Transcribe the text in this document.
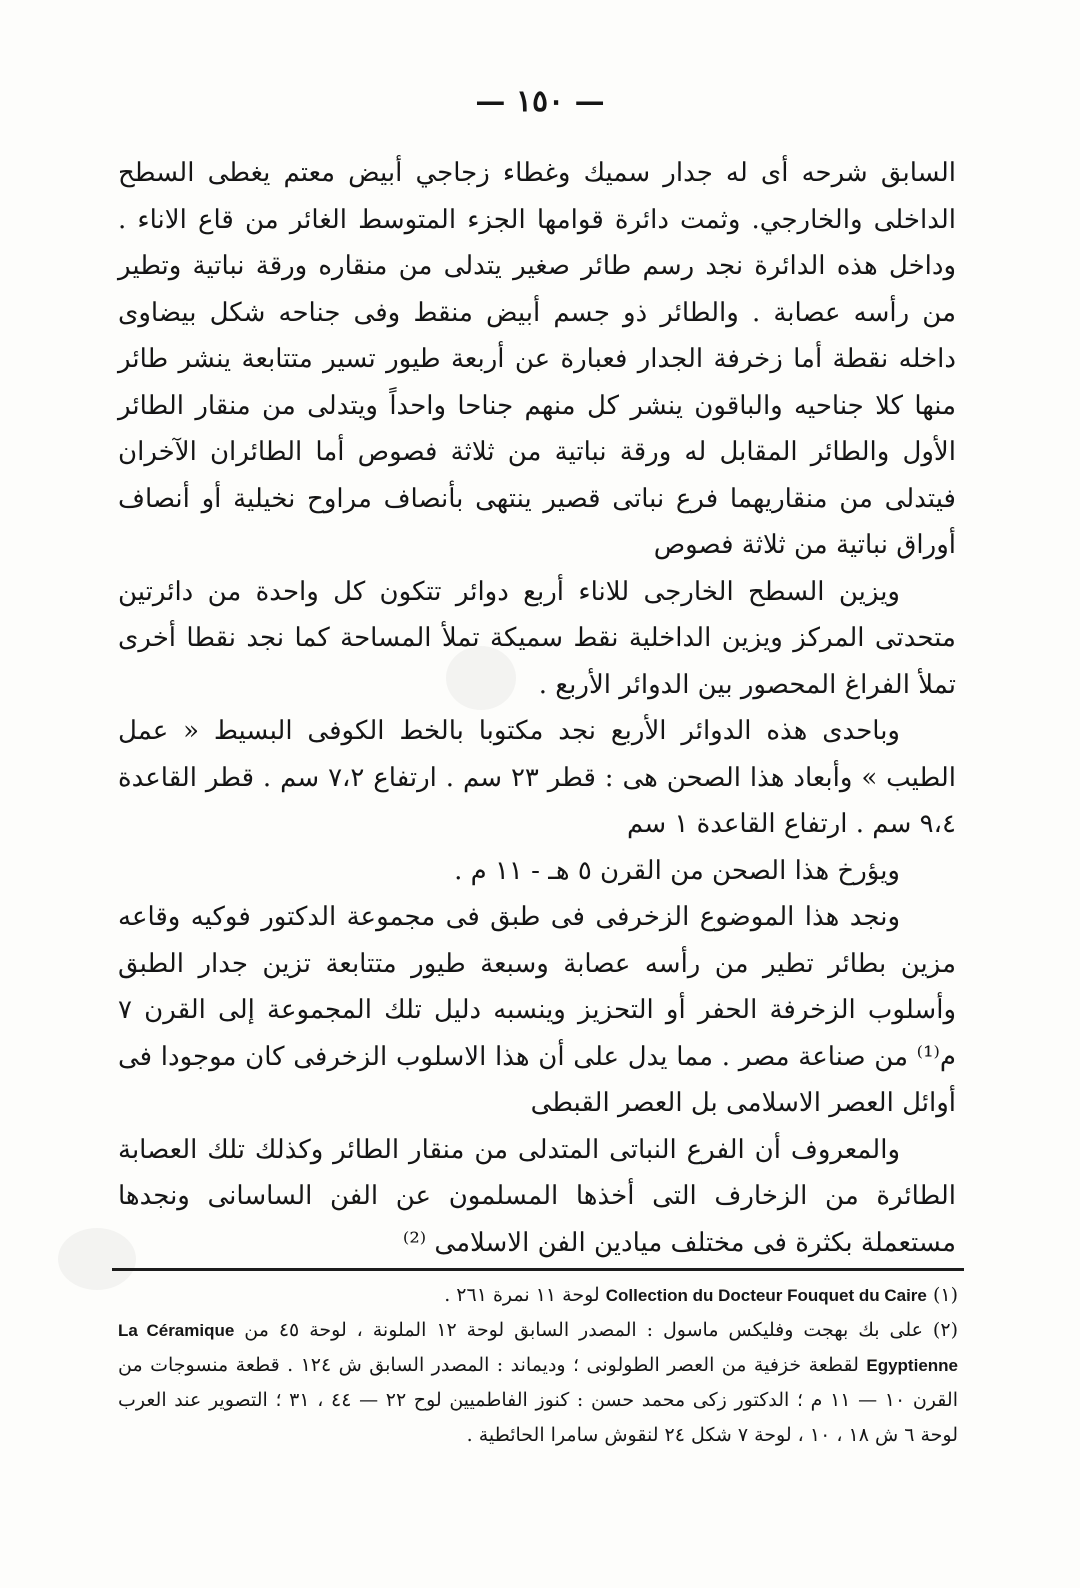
— ١٥٠ —

السابق شرحه أى له جدار سميك وغطاء زجاجي أبيض معتم يغطى السطح الداخلى والخارجي. وثمت دائرة قوامها الجزء المتوسط الغائر من قاع الاناء . وداخل هذه الدائرة نجد رسم طائر صغير يتدلى من منقاره ورقة نباتية وتطير من رأسه عصابة . والطائر ذو جسم أبيض منقط وفى جناحه شكل بيضاوى داخله نقطة أما زخرفة الجدار فعبارة عن أربعة طيور تسير متتابعة ينشر طائر منها كلا جناحيه والباقون ينشر كل منهم جناحا واحداً ويتدلى من منقار الطائر الأول والطائر المقابل له ورقة نباتية من ثلاثة فصوص أما الطائران الآخران فيتدلى من منقاريهما فرع نباتى قصير ينتهى بأنصاف مراوح نخيلية أو أنصاف أوراق نباتية من ثلاثة فصوص

ويزين السطح الخارجى للاناء أربع دوائر تتكون كل واحدة من دائرتين متحدتى المركز ويزين الداخلية نقط سميكة تملأ المساحة كما نجد نقطا أخرى تملأ الفراغ المحصور بين الدوائر الأربع .

وباحدى هذه الدوائر الأربع نجد مكتوبا بالخط الكوفى البسيط « عمل الطيب » وأبعاد هذا الصحن هى : قطر ٢٣ سم . ارتفاع ٧،٢ سم . قطر القاعدة ٩،٤ سم . ارتفاع القاعدة ١ سم

ويؤرخ هذا الصحن من القرن ٥ هـ - ١١ م .

ونجد هذا الموضوع الزخرفى فى طبق فى مجموعة الدكتور فوكيه وقاعه مزين بطائر تطير من رأسه عصابة وسبعة طيور متتابعة تزين جدار الطبق وأسلوب الزخرفة الحفر أو التحزيز وينسبه دليل تلك المجموعة إلى القرن ٧ م⁽¹⁾ من صناعة مصر . مما يدل على أن هذا الاسلوب الزخرفى كان موجودا فى أوائل العصر الاسلامى بل العصر القبطى

والمعروف أن الفرع النباتى المتدلى من منقار الطائر وكذلك تلك العصابة الطائرة من الزخارف التى أخذها المسلمون عن الفن الساسانى ونجدها مستعملة بكثرة فى مختلف ميادين الفن الاسلامى ⁽²⁾

(١) Collection du Docteur Fouquet du Caire لوحة ١١ نمرة ٢٦١ .

(٢) على بك بهجت وفليكس ماسول : المصدر السابق لوحة ١٢ الملونة ، لوحة ٤٥ من La Céramique Egyptienne لقطعة خزفية من العصر الطولونى ؛ وديماند : المصدر السابق ش ١٢٤ . قطعة منسوجات من القرن ١٠ — ١١ م ؛ الدكتور زكى محمد حسن : كنوز الفاطميين لوح ٢٢ — ٤٤ ، ٣١ ؛ التصوير عند العرب لوحة ٦ ش ١٨ ، ١٠ ، لوحة ٧ شكل ٢٤ لنقوش سامرا الحائطية .
